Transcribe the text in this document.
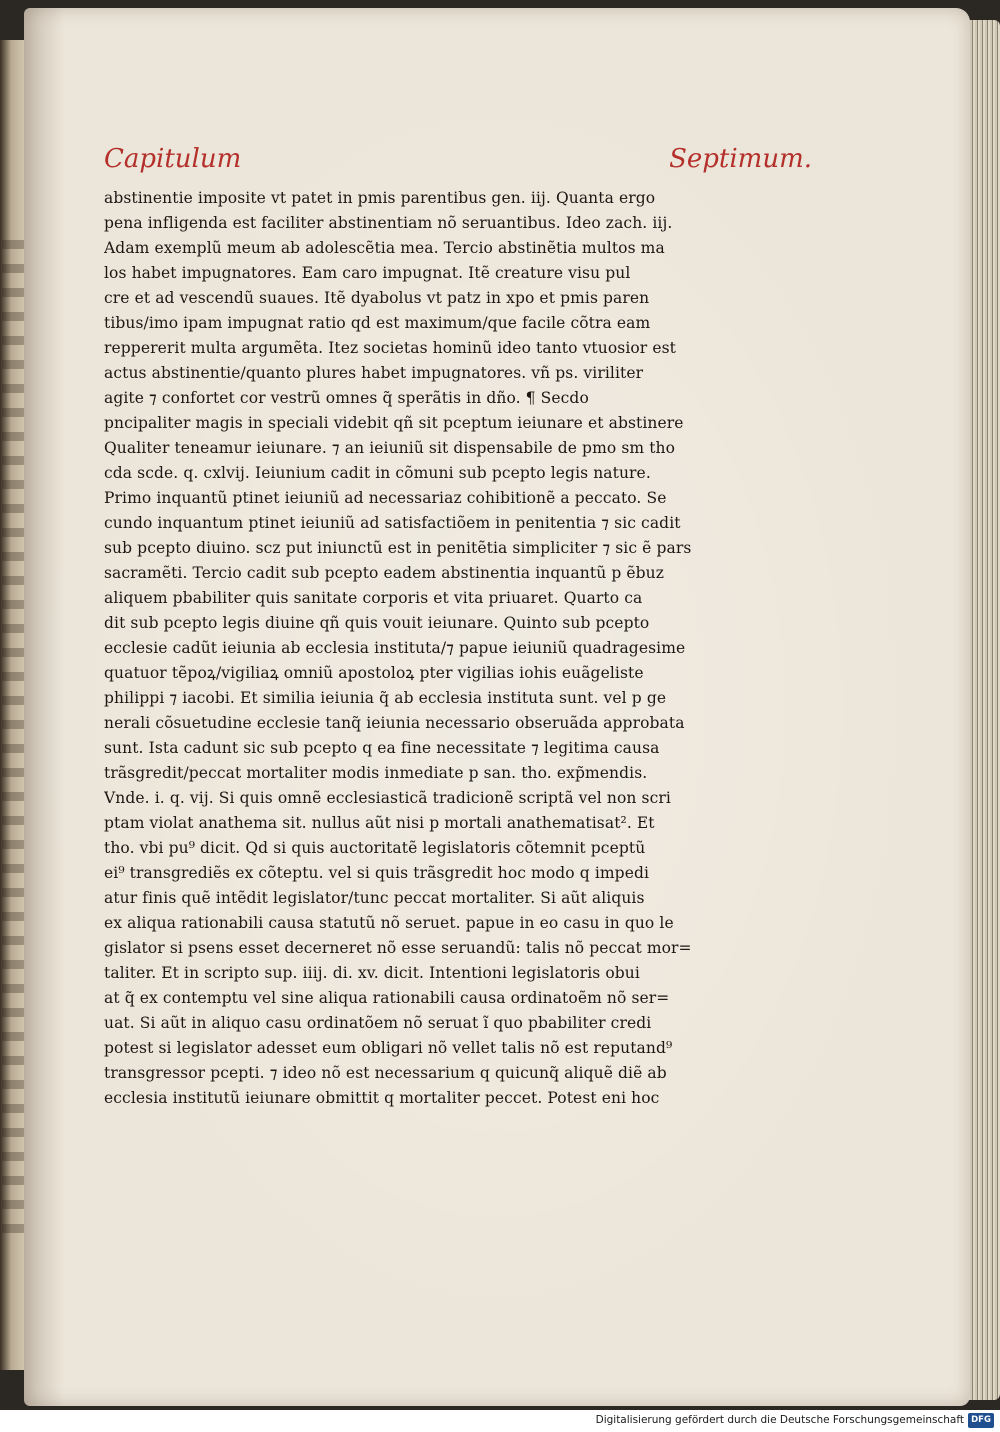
Capitulum	Septimum.
abstinentie imposite vt patet in pmis parentibus gen. iij. Quanta ergo
pena infligenda est faciliter abstinentiam nõ seruantibus. Ideo zach. iij.
Adam exemplũ meum ab adolescẽtia mea. Tercio abstinẽtia multos ma
los habet impugnatores. Eam caro impugnat. Itẽ creature visu pul
cre et ad vescendũ suaues. Itẽ dyabolus vt patz in xpo et pmis paren
tibus/imo ipam impugnat ratio qd est maximum/que facile cõtra eam
reppererit multa argumẽta. Itez societas hominũ ideo tanto vtuosior est
actus abstinentie/quanto plures habet impugnatores. vñ ps. viriliter
agite ⁊ confortet cor vestrũ omnes q̃ sperãtis in dño. ¶ Secdo
pncipaliter magis in speciali videbit qñ sit pceptum ieiunare et abstinere
Qualiter teneamur ieiunare. ⁊ an ieiuniũ sit dispensabile de pmo sm tho
cda scde. q. cxlvij. Ieiunium cadit in cõmuni sub pcepto legis nature.
Primo inquantũ ptinet ieiuniũ ad necessariaz cohibitionẽ a peccato. Se
cundo inquantum ptinet ieiuniũ ad satisfactiõem in penitentia ⁊ sic cadit
sub pcepto diuino. scz put iniunctũ est in penitẽtia simpliciter ⁊ sic ẽ pars
sacramẽti. Tercio cadit sub pcepto eadem abstinentia inquantũ p ẽbuz
aliquem pbabiliter quis sanitate corporis et vita priuaret. Quarto ca
dit sub pcepto legis diuine qñ quis vouit ieiunare. Quinto sub pcepto
ecclesie cadũt ieiunia ab ecclesia instituta/⁊ papue ieiuniũ quadragesime
quatuor tẽpoꝝ/vigiliaꝝ omniũ apostoloꝝ pter vigilias iohis euãgeliste
philippi ⁊ iacobi. Et similia ieiunia q̃ ab ecclesia instituta sunt. vel p ge
nerali cõsuetudine ecclesie tanq̃ ieiunia necessario obseruãda approbata
sunt. Ista cadunt sic sub pcepto q ea fine necessitate ⁊ legitima causa
trãsgredit/peccat mortaliter modis inmediate p san. tho. exp̃mendis.
Vnde. i. q. vij. Si quis omnẽ ecclesiasticã tradicionẽ scriptã vel non scri
ptam violat anathema sit. nullus aũt nisi p mortali anathematisat². Et
tho. vbi pu⁹ dicit. Qd si quis auctoritatẽ legislatoris cõtemnit pceptũ
ei⁹ transgrediẽs ex cõteptu. vel si quis trãsgredit hoc modo q impedi
atur finis quẽ intẽdit legislator/tunc peccat mortaliter. Si aũt aliquis
ex aliqua rationabili causa statutũ nõ seruet. papue in eo casu in quo le
gislator si psens esset decerneret nõ esse seruandũ: talis nõ peccat mor=
taliter. Et in scripto sup. iiij. di. xv. dicit. Intentioni legislatoris obui
at q̃ ex contemptu vel sine aliqua rationabili causa ordinatoẽm nõ ser=
uat. Si aũt in aliquo casu ordinatõem nõ seruat ĩ quo pbabiliter credi
potest si legislator adesset eum obligari nõ vellet talis nõ est reputand⁹
transgressor pcepti. ⁊ ideo nõ est necessarium q quicunq̃ aliquẽ diẽ ab
ecclesia institutũ ieiunare obmittit q mortaliter peccet. Potest eni hoc
Digitalisierung gefördert durch die Deutsche Forschungsgemeinschaft DFG
